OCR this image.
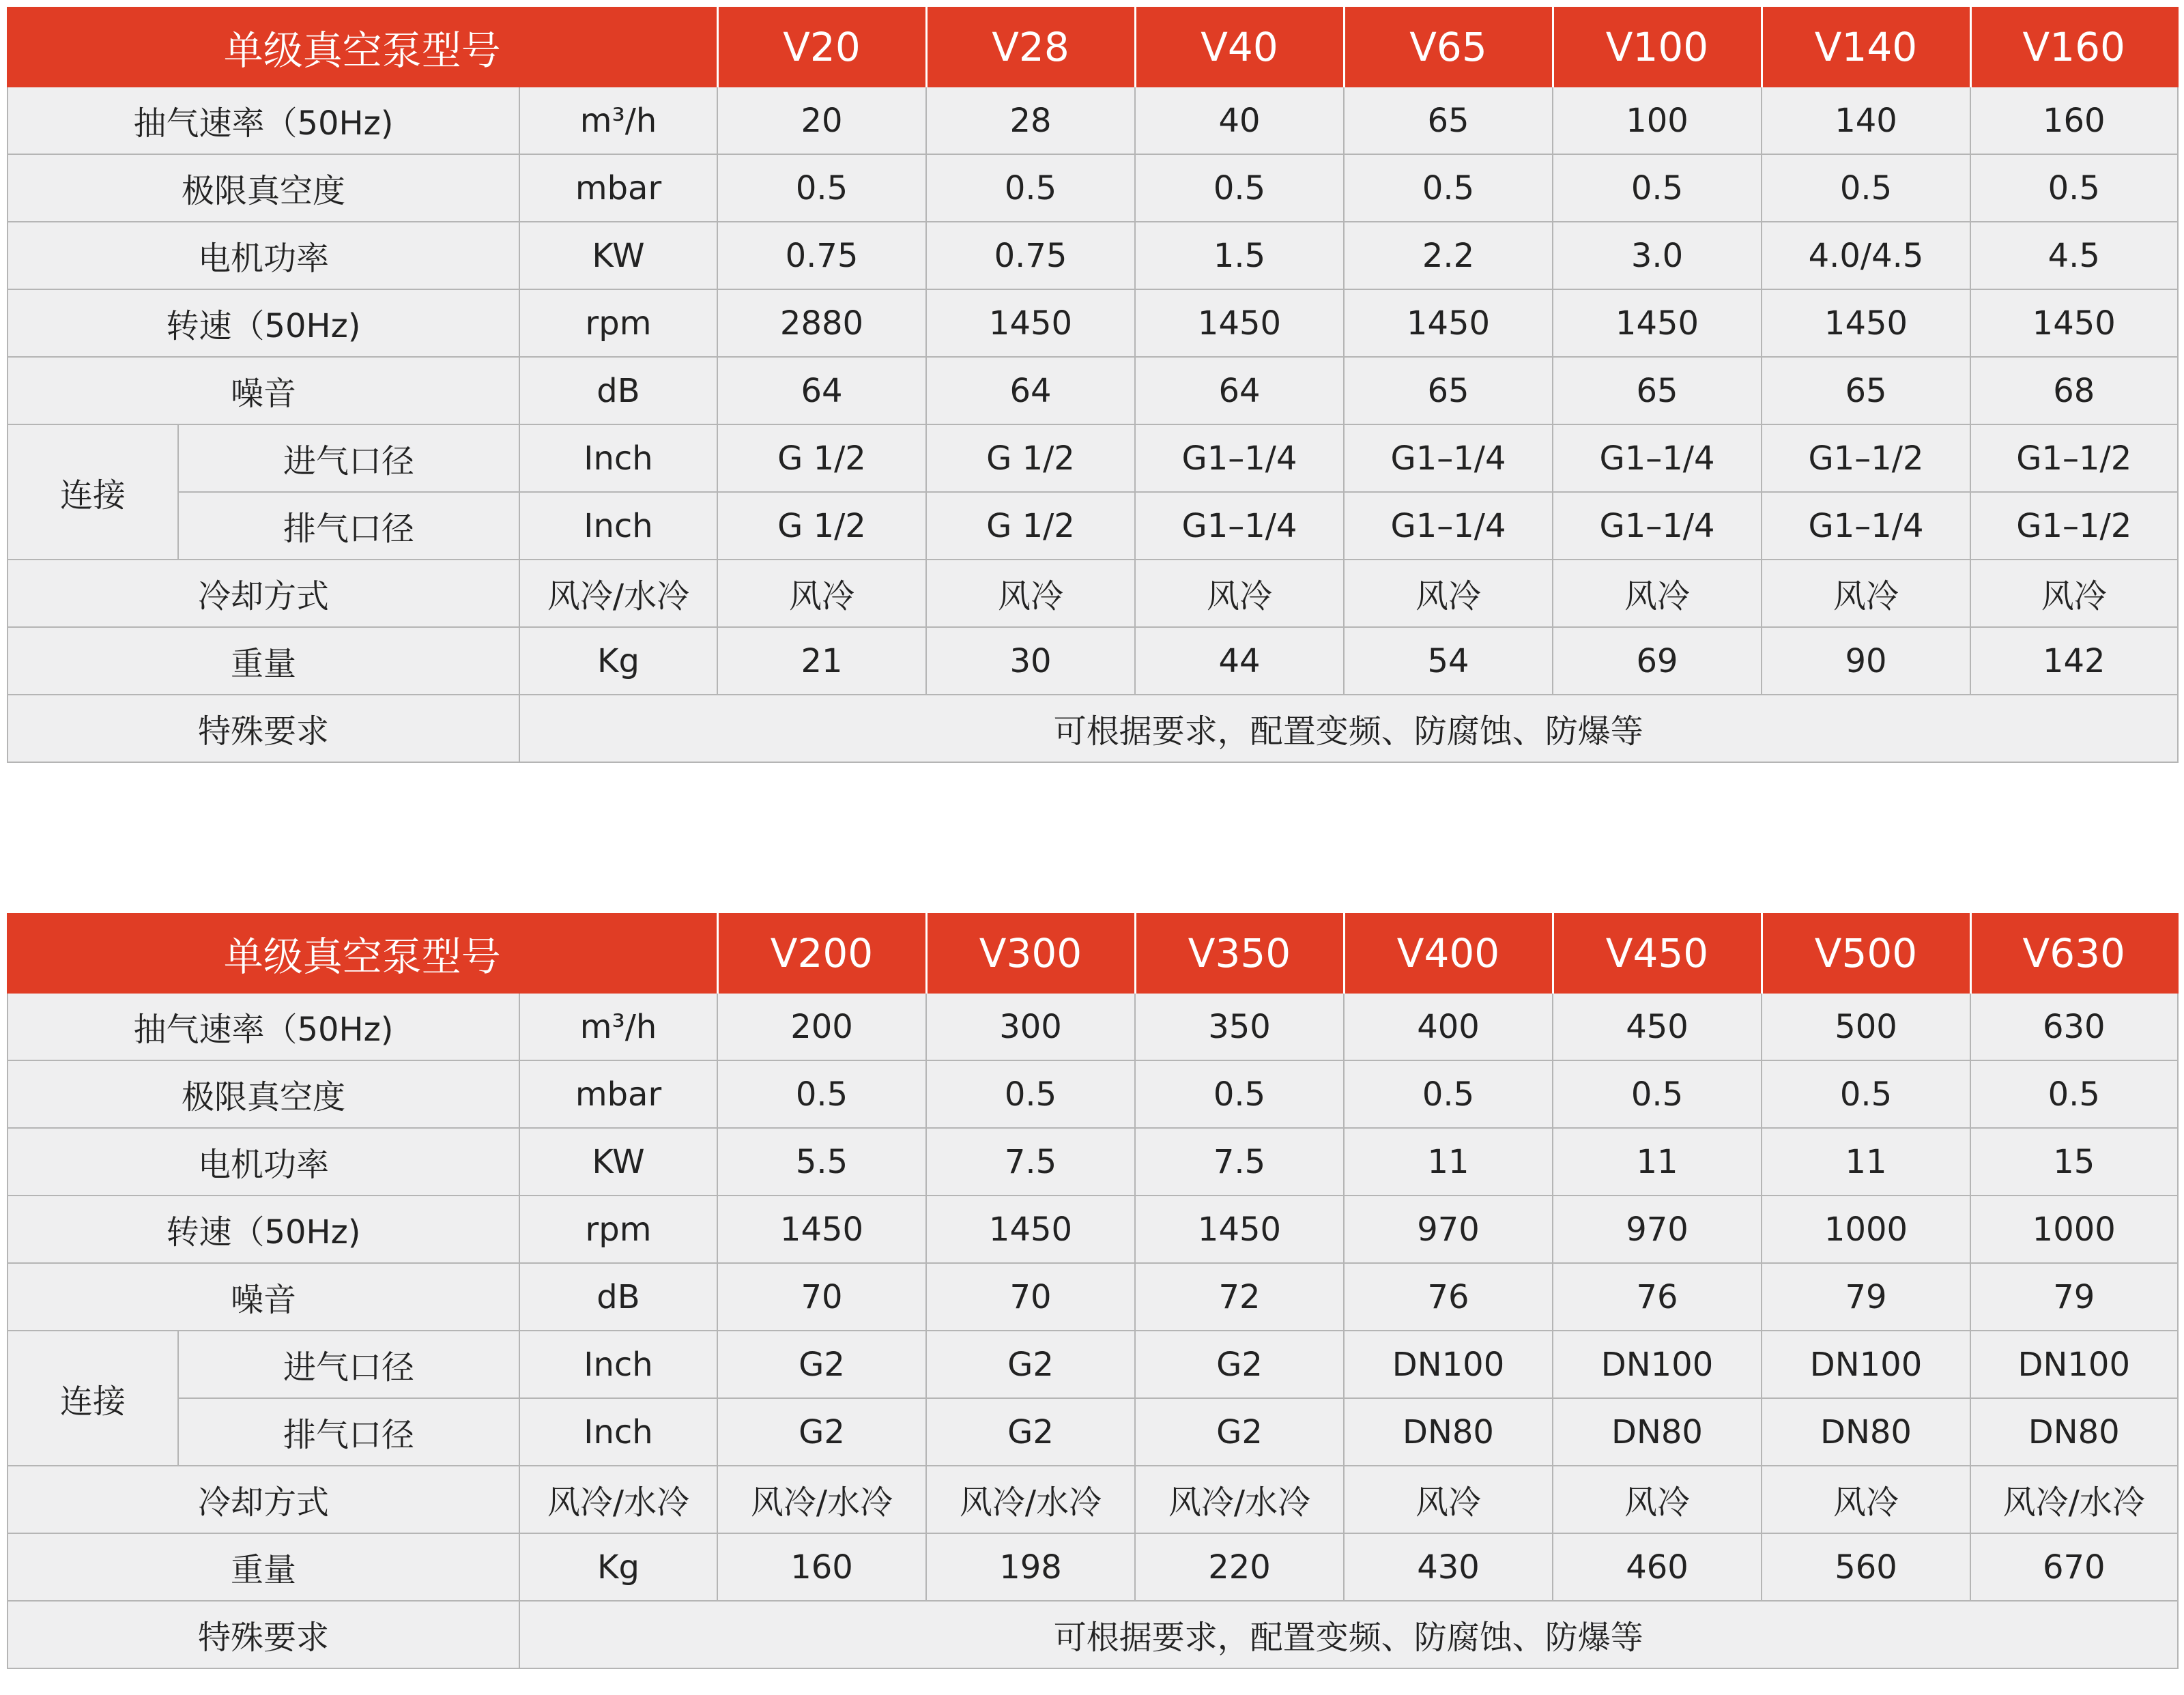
单级真空泵型号			V20	V28	V40	V65	V100	V140	V160
抽气速率（50Hz)		m³/h	20	28	40	65	100	140	160
极限真空度		mbar	0.5	0.5	0.5	0.5	0.5	0.5	0.5
电机功率		KW	0.75	0.75	1.5	2.2	3.0	4.0/4.5	4.5
转速（50Hz)		rpm	2880	1450	1450	1450	1450	1450	1450
噪音		dB	64	64	64	65	65	65	68
连接	进气口径	Inch	G 1/2	G 1/2	G1–1/4	G1–1/4	G1–1/4	G1–1/2	G1–1/2
	排气口径	Inch	G 1/2	G 1/2	G1–1/4	G1–1/4	G1–1/4	G1–1/4	G1–1/2
冷却方式		风冷/水冷	风冷	风冷	风冷	风冷	风冷	风冷	风冷
重量		Kg	21	30	44	54	69	90	142
特殊要求		可根据要求，配置变频、防腐蚀、防爆等							
单级真空泵型号			V200	V300	V350	V400	V450	V500	V630
抽气速率（50Hz)		m³/h	200	300	350	400	450	500	630
极限真空度		mbar	0.5	0.5	0.5	0.5	0.5	0.5	0.5
电机功率		KW	5.5	7.5	7.5	11	11	11	15
转速（50Hz)		rpm	1450	1450	1450	970	970	1000	1000
噪音		dB	70	70	72	76	76	79	79
连接	进气口径	Inch	G2	G2	G2	DN100	DN100	DN100	DN100
	排气口径	Inch	G2	G2	G2	DN80	DN80	DN80	DN80
冷却方式		风冷/水冷	风冷/水冷	风冷/水冷	风冷/水冷	风冷	风冷	风冷	风冷/水冷
重量		Kg	160	198	220	430	460	560	670
特殊要求		可根据要求，配置变频、防腐蚀、防爆等							
